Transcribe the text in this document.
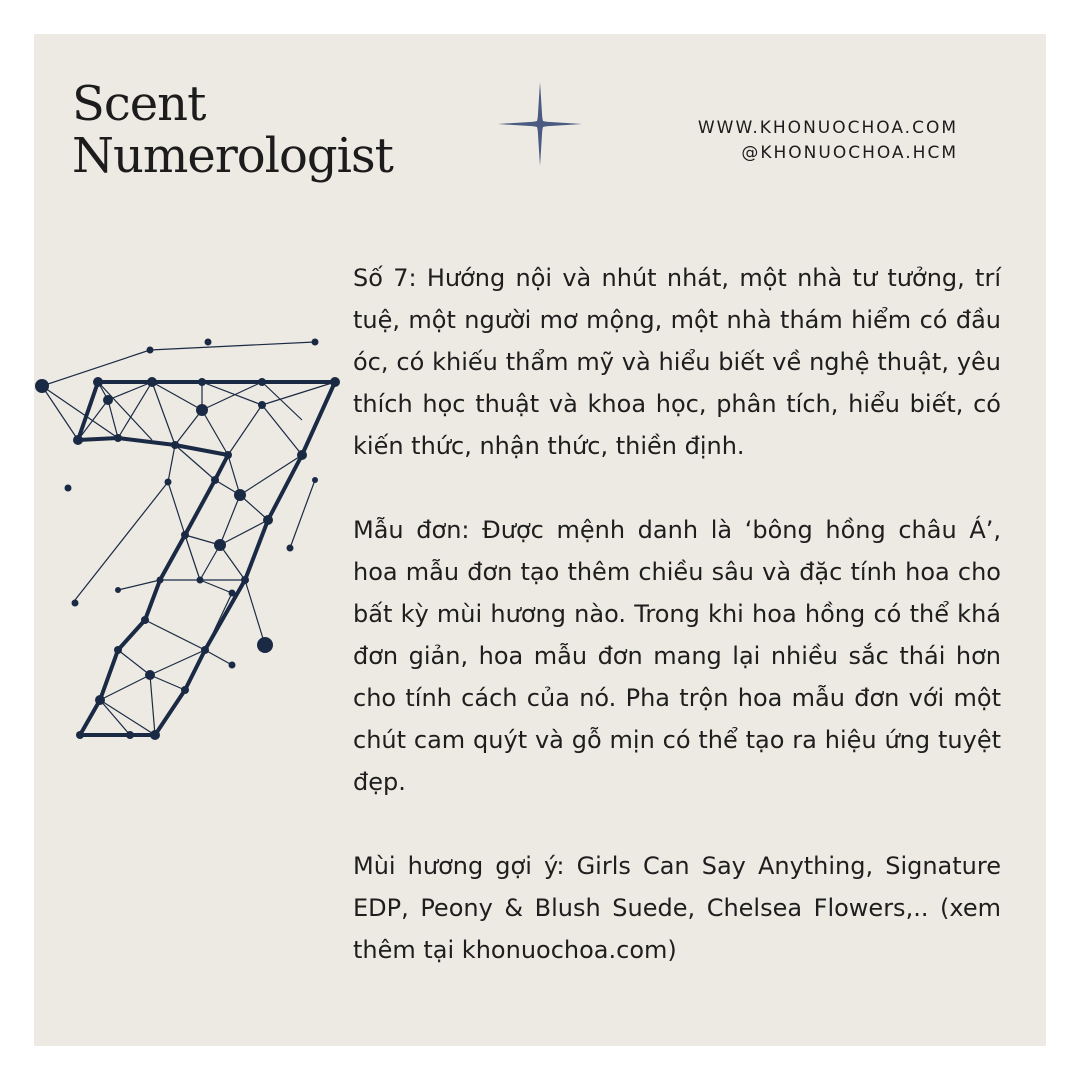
Scent
Numerologist	WWW.KHONUOCHOA.COM
@KHONUOCHOA.HCM

Số 7: Hướng nội và nhút nhát, một nhà tư tưởng, trí tuệ, một người mơ mộng, một nhà thám hiểm có đầu óc, có khiếu thẩm mỹ và hiểu biết về nghệ thuật, yêu thích học thuật và khoa học, phân tích, hiểu biết, có kiến thức, nhận thức, thiền định.

Mẫu đơn: Được mệnh danh là ‘bông hồng châu Á’, hoa mẫu đơn tạo thêm chiều sâu và đặc tính hoa cho bất kỳ mùi hương nào. Trong khi hoa hồng có thể khá đơn giản, hoa mẫu đơn mang lại nhiều sắc thái hơn cho tính cách của nó. Pha trộn hoa mẫu đơn với một chút cam quýt và gỗ mịn có thể tạo ra hiệu ứng tuyệt đẹp.

Mùi hương gợi ý: Girls Can Say Anything, Signature EDP, Peony & Blush Suede, Chelsea Flowers,.. (xem thêm tại khonuochoa.com)
